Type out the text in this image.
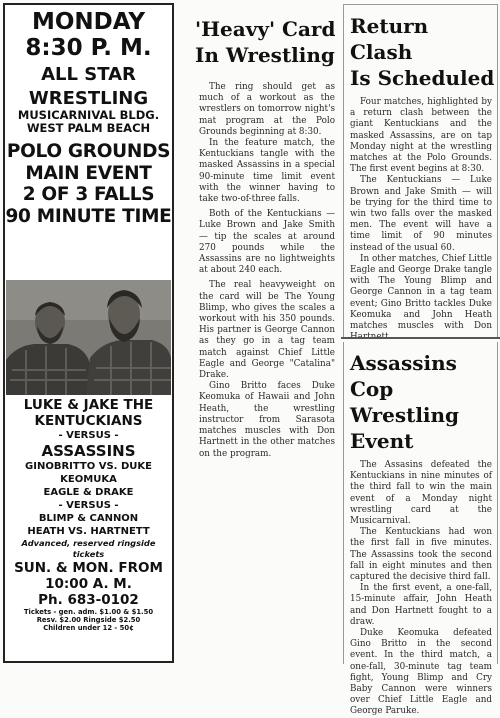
MONDAY
8:30 P. M.
ALL STAR
WRESTLING
MUSICARNIVAL BLDG.
WEST PALM BEACH
POLO GROUNDS
MAIN EVENT
2 OF 3 FALLS
90 MINUTE TIME
LUKE & JAKE THE
KENTUCKIANS
- VERSUS -
ASSASSINS
GINOBRITTO VS. DUKE KEOMUKA
EAGLE & DRAKE
- VERSUS -
BLIMP & CANNON
HEATH VS. HARTNETT
Advanced, reserved ringside tickets
SUN. & MON. FROM
10:00 A. M.
Ph. 683-0102
Tickets - gen. adm. $1.00 & $1.50
Resv. $2.00 Ringside $2.50
Children under 12 - 50¢
'Heavy' Card
In Wrestling

The ring should get as much of a workout as the wrestlers on tomorrow night's mat program at the Polo Grounds beginning at 8:30.

In the feature match, the Kentuckians tangle with the masked Assassins in a special 90-minute time limit event with the winner having to take two-of-three falls.

Both of the Kentuckians — Luke Brown and Jake Smith — tip the scales at around 270 pounds while the Assassins are no lightweights at about 240 each.

The real heavyweight on the card will be The Young Blimp, who gives the scales a workout with his 350 pounds. His partner is George Cannon as they go in a tag team match against Chief Little Eagle and George "Catalina" Drake.

Gino Britto faces Duke Keomuka of Hawaii and John Heath, the wrestling instructor from Sarasota matches muscles with Don Hartnett in the other matches on the program.

Return Clash
Is Scheduled

Four matches, highlighted by a return clash between the giant Kentuckians and the masked Assassins, are on tap Monday night at the wrestling matches at the Polo Grounds. The first event begins at 8:30.

The Kentuckians — Luke Brown and Jake Smith — will be trying for the third time to win two falls over the masked men. The event will have a time limit of 90 minutes instead of the usual 60.

In other matches, Chief Little Eagle and George Drake tangle with The Young Blimp and George Cannon in a tag team event; Gino Britto tackles Duke Keomuka and John Heath matches muscles with Don Hartnett.

Assassins Cop
Wrestling Event

The Assasins defeated the Kentuckians in nine minutes of the third fall to win the main event of a Monday night wrestling card at the Musicarnival.

The Kentuckians had won the first fall in five minutes. The Assassins took the second fall in eight minutes and then captured the decisive third fall.

In the first event, a one-fall, 15-minute affair, John Heath and Don Hartnett fought to a draw.

Duke Keomuka defeated Gino Britto in the second event. In the third match, a one-fall, 30-minute tag team fight, Young Blimp and Cry Baby Cannon were winners over Chief Little Eagle and George Paruke.
